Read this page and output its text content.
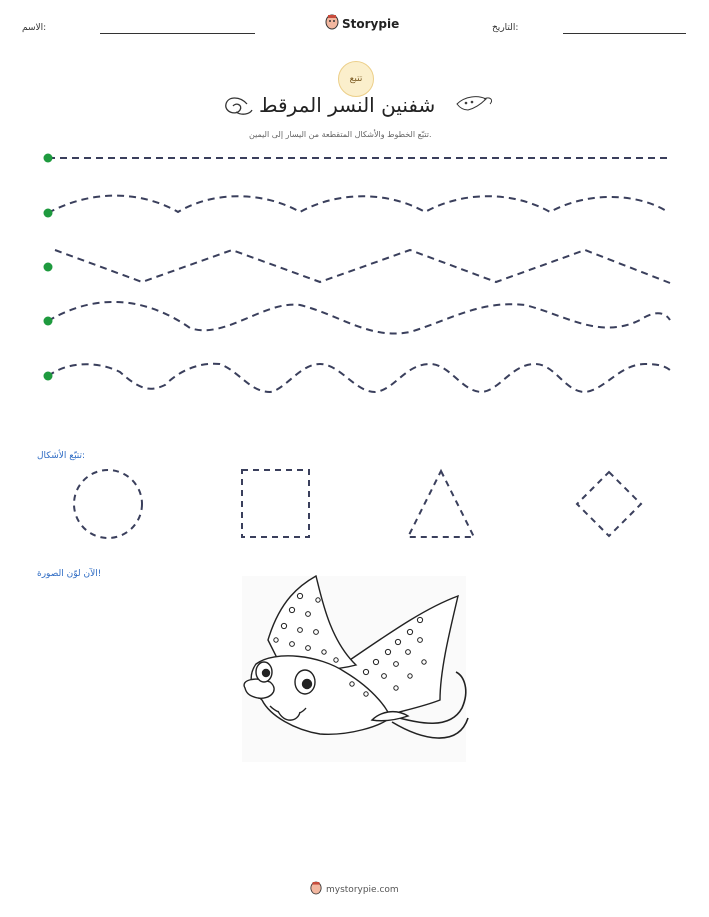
الاسم:	Storypie	التاريخ:
تتبع
شفنين النسر المرقط
تتبّع الخطوط والأشكال المتقطعة من اليسار إلى اليمين.
تتبّع الأشكال:
الآن لوّن الصورة!
mystorypie.com
